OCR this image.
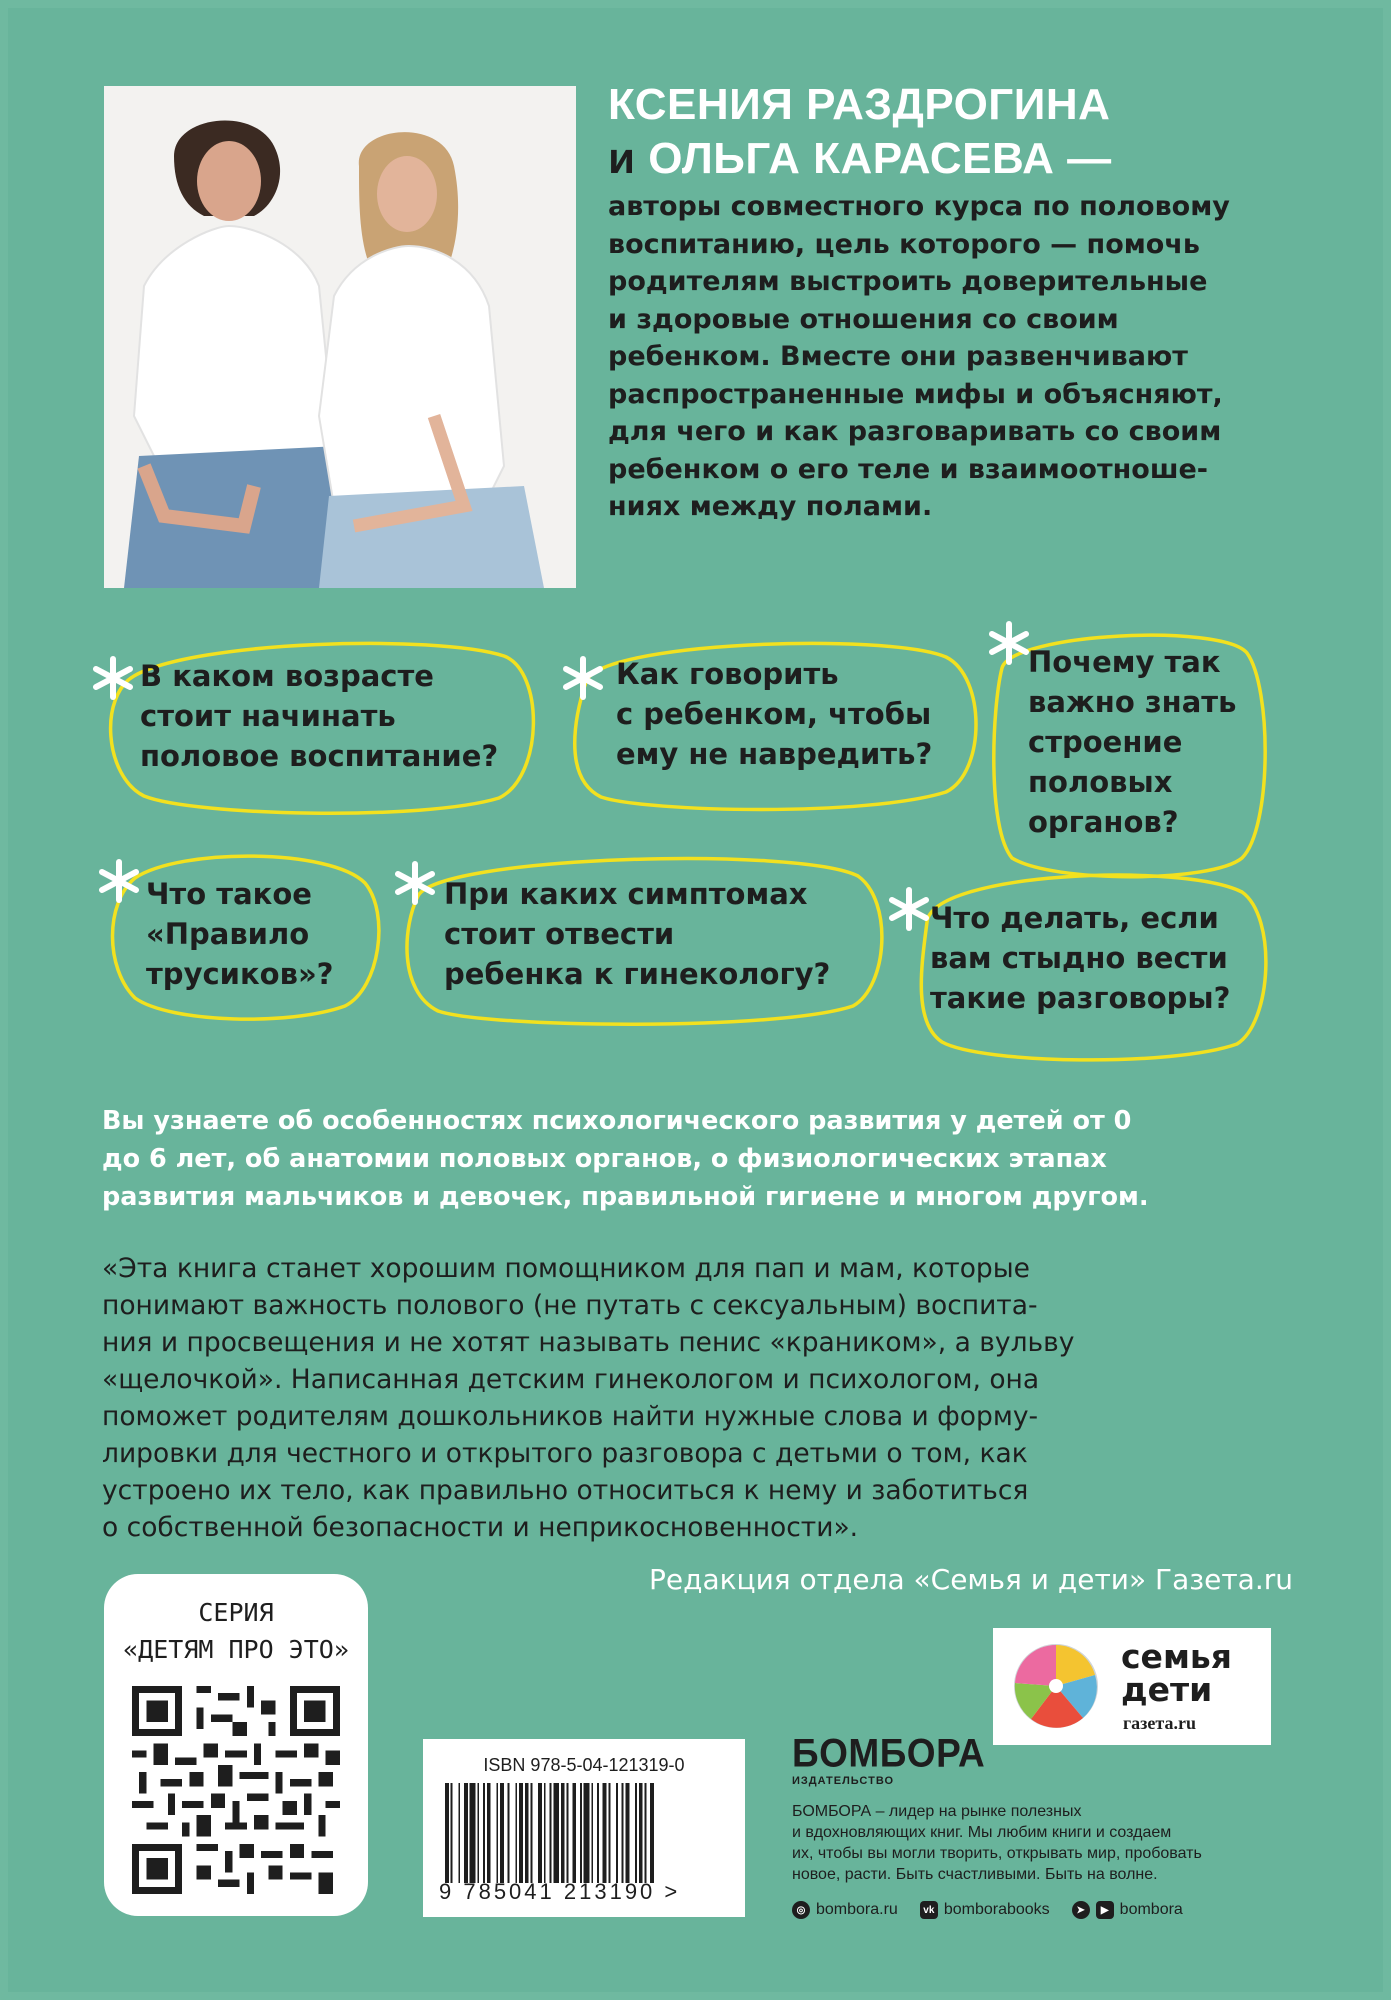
КСЕНИЯ РАЗДРОГИНА
и ОЛЬГА КАРАСЕВА —
авторы совместного курса по половому
воспитанию, цель которого — помочь
родителям выстроить доверительные
и здоровые отношения со своим
ребенком. Вместе они развенчивают
распространенные мифы и объясняют,
для чего и как разговаривать со своим
ребенком о его теле и взаимоотноше-
ниях между полами.
В каком возрасте
стоит начинать
половое воспитание?
Как говорить
с ребенком, чтобы
ему не навредить?
Почему так
важно знать
строение
половых
органов?
Что такое
«Правило
трусиков»?
При каких симптомах
стоит отвести
ребенка к гинекологу?
Что делать, если
вам стыдно вести
такие разговоры?
Вы узнаете об особенностях психологического развития у детей от 0
до 6 лет, об анатомии половых органов, о физиологических этапах
развития мальчиков и девочек, правильной гигиене и многом другом.
«Эта книга станет хорошим помощником для пап и мам, которые
понимают важность полового (не путать с сексуальным) воспита-
ния и просвещения и не хотят называть пенис «краником», а вульву
«щелочкой». Написанная детским гинекологом и психологом, она
поможет родителям дошкольников найти нужные слова и форму-
лировки для честного и открытого разговора с детьми о том, как
устроено их тело, как правильно относиться к нему и заботиться
о собственной безопасности и неприкосновенности».
Редакция отдела «Семья и дети» Газета.ru
СЕРИЯ
«ДЕТЯМ ПРО ЭТО»
ISBN 978-5-04-121319-0
9 785041 213190 >
БОМБОРА
ИЗДАТЕЛЬСТВО
БОМБОРА – лидер на рынке полезных
и вдохновляющих книг. Мы любим книги и создаем
их, чтобы вы могли творить, открывать мир, пробовать
новое, расти. Быть счастливыми. Быть на волне.
◎ bombora.ru	vk bomborabooks	➤	▶ bombora
семья
дети
газета.ru
